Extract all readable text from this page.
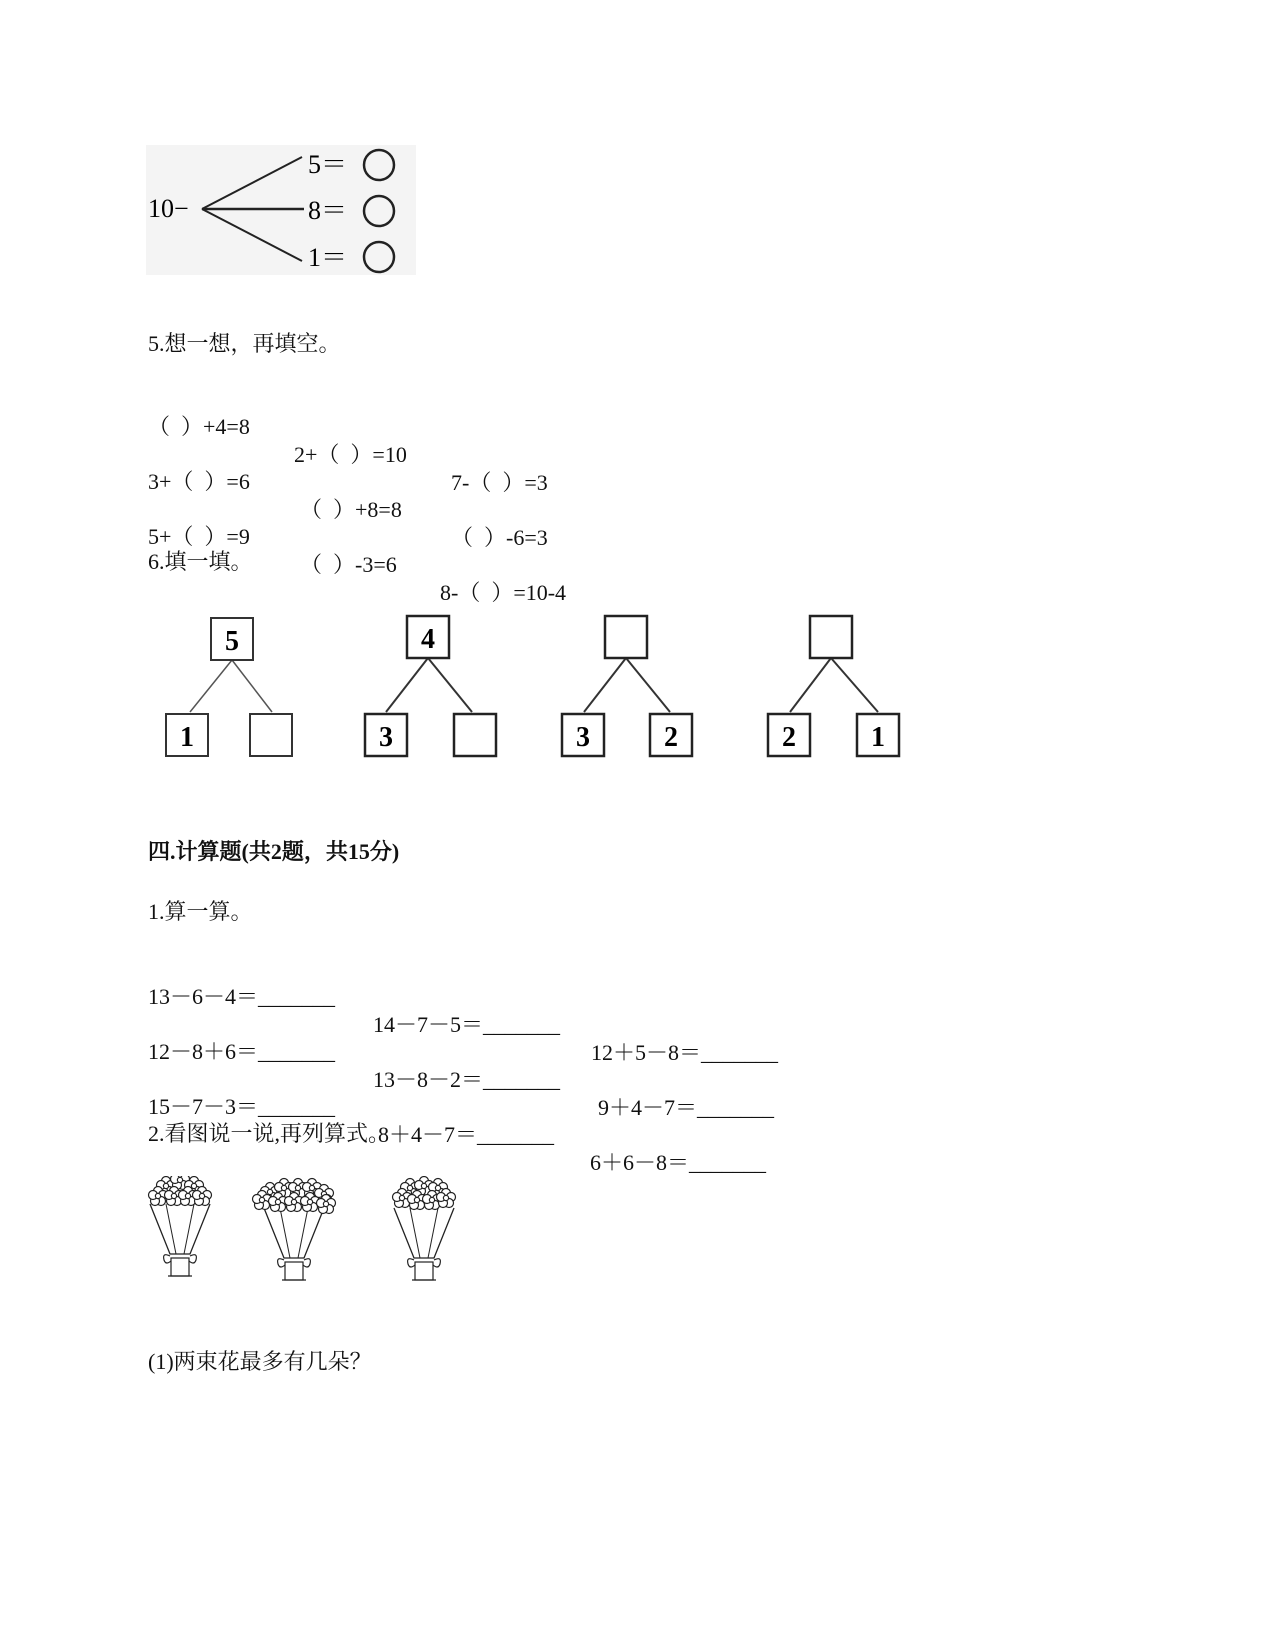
10−
5＝
8＝
1＝
5.想一想，再填空。

（  ）+4=8

2+（  ）=10

7-（  ）=3

3+（  ）=6

（  ）+8=8

（  ）-6=3

5+（  ）=9

（  ）-3=6

8-（  ）=10-4

6.填一填。
5
1
4
3	3	2	2	1
四.计算题(共2题，共15分)
1.算一算。

13－6－4＝_______

14－7－5＝_______

12＋5－8＝_______

12－8＋6＝_______

13－8－2＝_______

9＋4－7＝_______

15－7－3＝_______

8＋4－7＝_______

6＋6－8＝_______

2.看图说一说,再列算式。
(1)两束花最多有几朵？
